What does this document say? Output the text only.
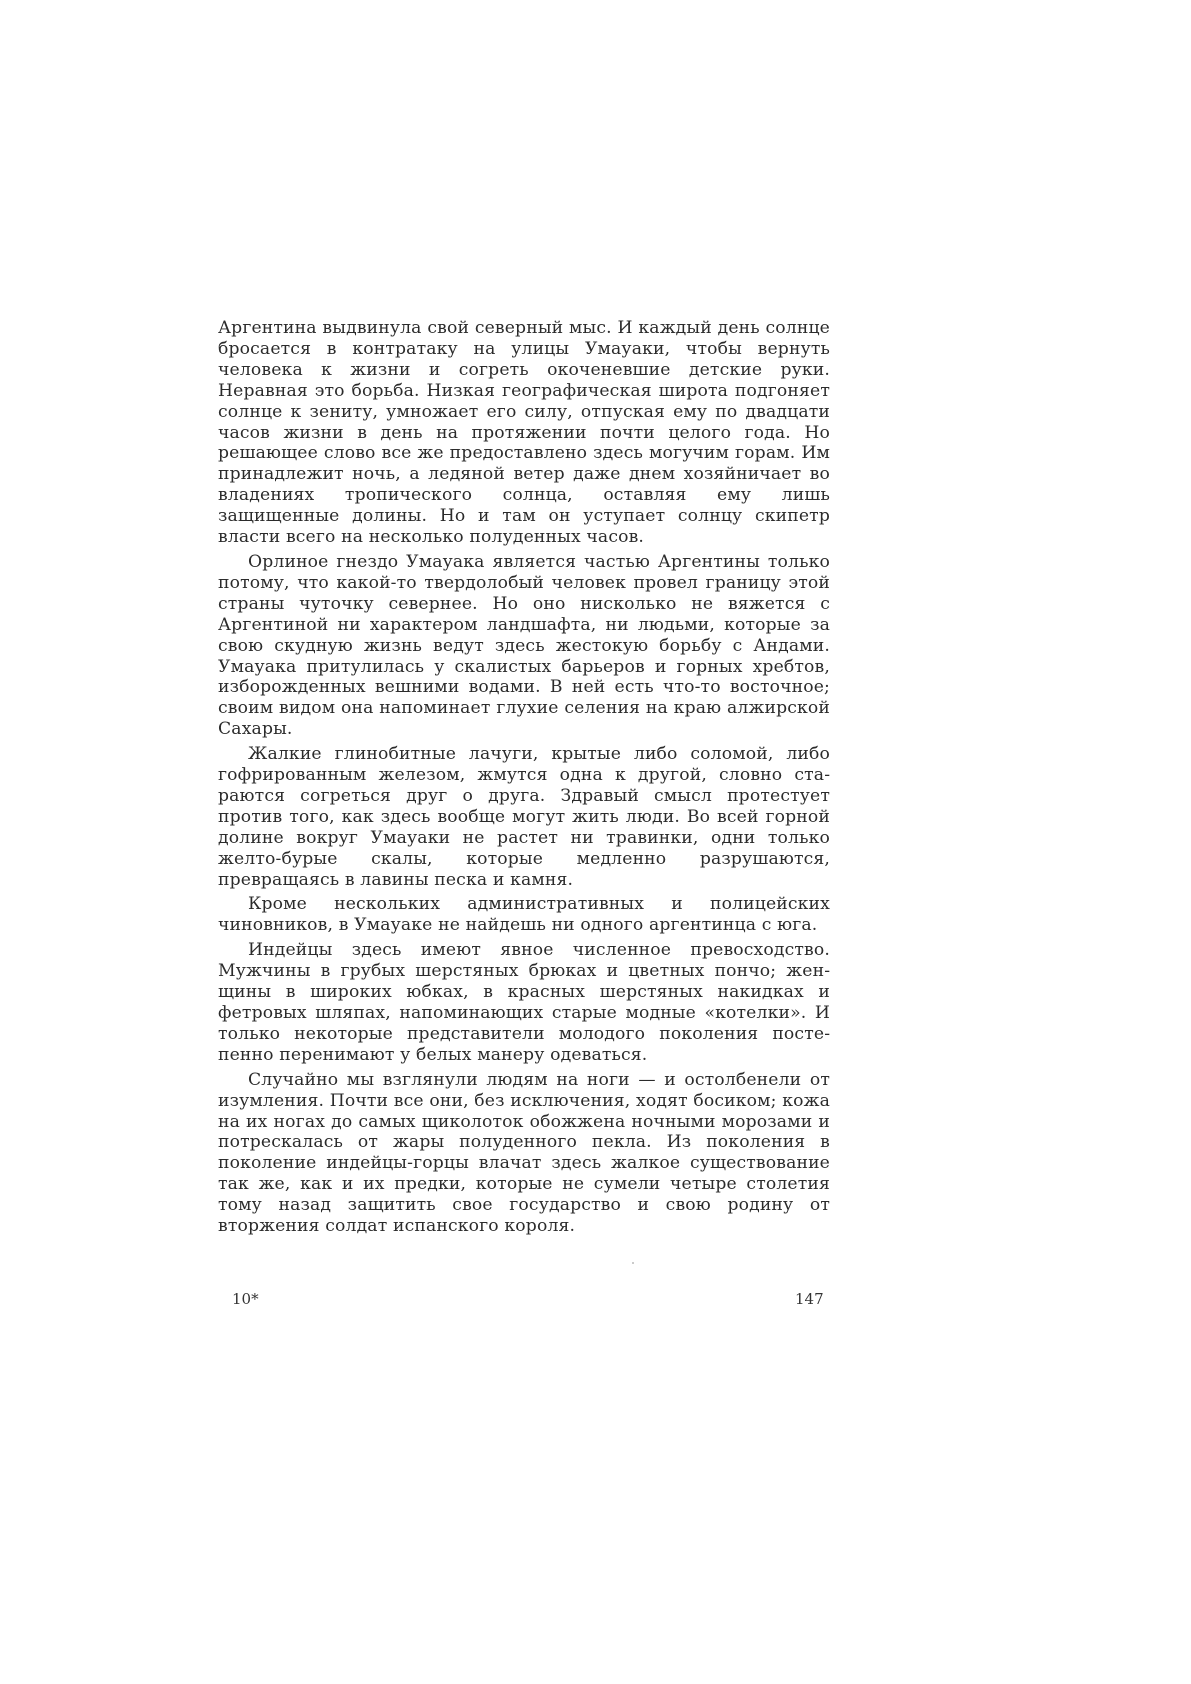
Аргентина выдвинула свой северный мыс. И каждый день солнце бросается в контратаку на улицы Умауаки, чтобы вернуть человека к жизни и согреть окоченевшие детские руки. Неравная это борьба. Низкая географическая широта подгоняет солнце к зениту, умножает его силу, отпуская ему по двадцати часов жизни в день на протяжении почти целого года. Но решающее слово все же предоставлено здесь могучим горам. Им принадлежит ночь, а ледяной ветер даже днем хозяйничает во владениях тропического солнца, оставляя ему лишь защищенные долины. Но и там он уступает солнцу скипетр власти всего на несколько полуденных часов.

Орлиное гнездо Умауака является частью Аргентины только потому, что какой-то твердолобый человек провел границу этой страны чуточку севернее. Но оно нисколько не вяжется с Аргентиной ни характером ландшафта, ни людьми, которые за свою скудную жизнь ведут здесь жестокую борьбу с Андами. Умауака притулилась у скалистых барьеров и горных хребтов, изборожденных вешними водами. В ней есть что-то восточное; своим видом она напоминает глухие селения на краю алжирской Сахары.

Жалкие глинобитные лачуги, крытые либо соломой, либо гофрированным железом, жмутся одна к другой, словно стараются согреться друг о друга. Здравый смысл протестует против того, как здесь вообще могут жить люди. Во всей горной долине вокруг Умауаки не растет ни травинки, одни только желто-бурые скалы, которые медленно разрушаются, превращаясь в лавины песка и камня.

Кроме нескольких административных и полицейских чиновников, в Умауаке не найдешь ни одного аргентинца с юга.

Индейцы здесь имеют явное численное превосходство. Мужчины в грубых шерстяных брюках и цветных пончо; женщины в широких юбках, в красных шерстяных накидках и фетровых шляпах, напоминающих старые модные «котелки». И только некоторые представители молодого поколения постепенно перенимают у белых манеру одеваться.

Случайно мы взглянули людям на ноги — и остолбенели от изумления. Почти все они, без исключения, ходят босиком; кожа на их ногах до самых щиколоток обожжена ночными морозами и потрескалась от жары полуденного пекла. Из поколения в поколение индейцы-горцы влачат здесь жалкое существование так же, как и их предки, которые не сумели четыре столетия тому назад защитить свое государство и свою родину от вторжения солдат испанского короля.

10*	147
